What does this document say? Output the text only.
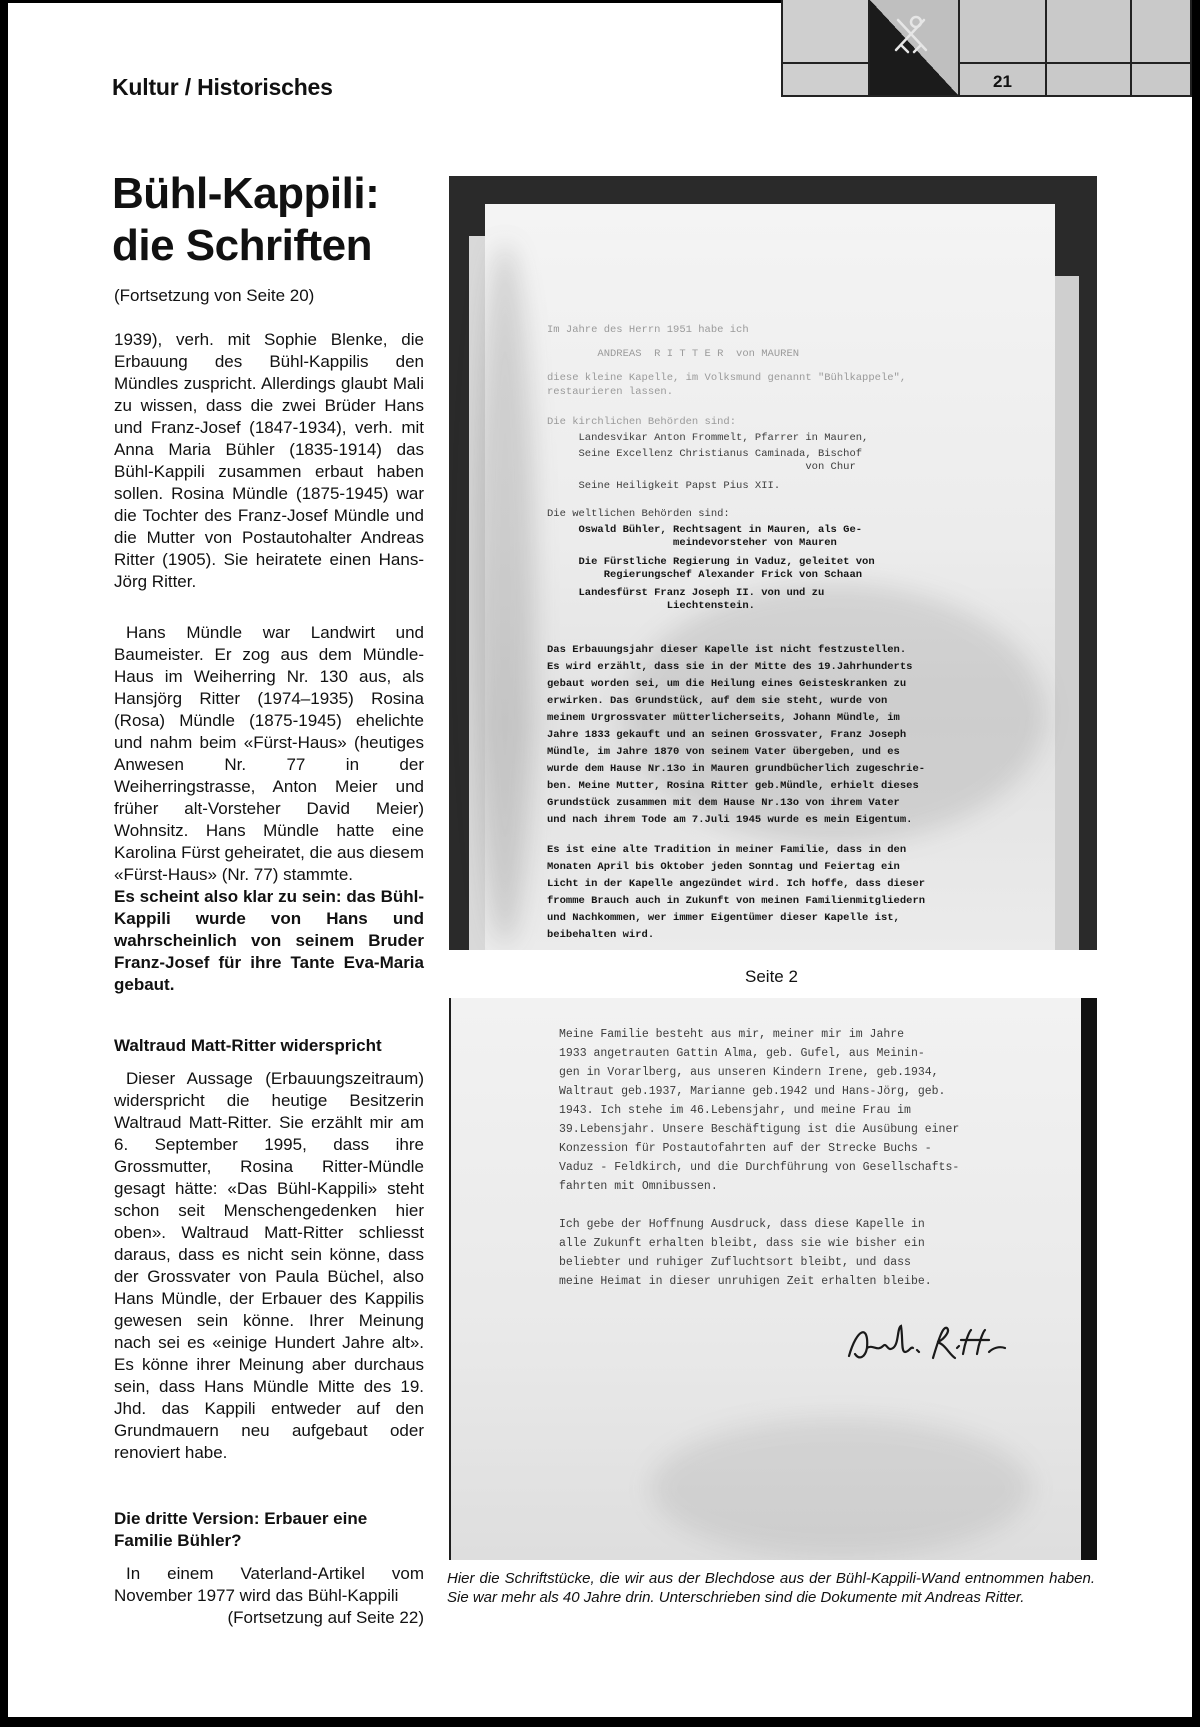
Kultur / Historisches	21
Bühl-Kappili:
die Schriften
(Fortsetzung von Seite 20)

1939), verh. mit Sophie Blenke, die Erbauung des Bühl-Kappilis den Mündles zuspricht. Allerdings glaubt Mali zu wissen, dass die zwei Brüder Hans und Franz-Josef (1847-1934), verh. mit Anna Maria Bühler (1835-1914) das Bühl-Kappili zusammen erbaut haben sollen. Rosina Mündle (1875-1945) war die Tochter des Franz-Josef Mündle und die Mutter von Postautohalter Andreas Ritter (1905). Sie heiratete einen Hans-Jörg Ritter.

Hans Mündle war Landwirt und Baumeister. Er zog aus dem Mündle-Haus im Weiherring Nr. 130 aus, als Hansjörg Ritter (1974–1935) Rosina (Rosa) Mündle (1875-1945) ehelichte und nahm beim «Fürst-Haus» (heutiges Anwesen Nr. 77 in der Weiherringstrasse, Anton Meier und früher alt-Vorsteher David Meier) Wohnsitz. Hans Mündle hatte eine Karolina Fürst geheiratet, die aus diesem «Fürst-Haus» (Nr. 77) stammte.

Es scheint also klar zu sein: das Bühl-Kappili wurde von Hans und wahrscheinlich von seinem Bruder Franz-Josef für ihre Tante Eva-Maria gebaut.

Waltraud Matt-Ritter widerspricht

Dieser Aussage (Erbauungszeitraum) widerspricht die heutige Besitzerin Waltraud Matt-Ritter. Sie erzählt mir am 6. September 1995, dass ihre Grossmutter, Rosina Ritter-Mündle gesagt hätte: «Das Bühl-Kappili» steht schon seit Menschengedenken hier oben». Waltraud Matt-Ritter schliesst daraus, dass es nicht sein könne, dass der Grossvater von Paula Büchel, also Hans Mündle, der Erbauer des Kappilis gewesen sein könne. Ihrer Meinung nach sei es «einige Hundert Jahre alt». Es könne ihrer Meinung aber durchaus sein, dass Hans Mündle Mitte des 19. Jhd. das Kappili entweder auf den Grundmauern neu aufgebaut oder renoviert habe.

Die dritte Version: Erbauer eine Familie Bühler?

In einem Vaterland-Artikel vom November 1977 wird das Bühl-Kappili

(Fortsetzung auf Seite 22)

Im Jahre des Herrn 1951 habe ich
ANDREAS  R I T T E R  von MAUREN
diese kleine Kapelle, im Volksmund genannt "Bühlkappele",
restaurieren lassen.
Die kirchlichen Behörden sind:
Landesvikar Anton Frommelt, Pfarrer in Mauren,
Seine Excellenz Christianus Caminada, Bischof
von Chur
Seine Heiligkeit Papst Pius XII.
Die weltlichen Behörden sind:
Oswald Bühler, Rechtsagent in Mauren, als Ge-
meindevorsteher von Mauren
Die Fürstliche Regierung in Vaduz, geleitet von
Regierungschef Alexander Frick von Schaan
Landesfürst Franz Joseph II. von und zu
Liechtenstein.
Das Erbauungsjahr dieser Kapelle ist nicht festzustellen.
Es wird erzählt, dass sie in der Mitte des 19.Jahrhunderts
gebaut worden sei, um die Heilung eines Geisteskranken zu
erwirken. Das Grundstück, auf dem sie steht, wurde von
meinem Urgrossvater mütterlicherseits, Johann Mündle, im
Jahre 1833 gekauft und an seinen Grossvater, Franz Joseph
Mündle, im Jahre 1870 von seinem Vater übergeben, und es
wurde dem Hause Nr.13o in Mauren grundbücherlich zugeschrie-
ben. Meine Mutter, Rosina Ritter geb.Mündle, erhielt dieses
Grundstück zusammen mit dem Hause Nr.13o von ihrem Vater
und nach ihrem Tode am 7.Juli 1945 wurde es mein Eigentum.
Es ist eine alte Tradition in meiner Familie, dass in den
Monaten April bis Oktober jeden Sonntag und Feiertag ein
Licht in der Kapelle angezündet wird. Ich hoffe, dass dieser
fromme Brauch auch in Zukunft von meinen Familienmitgliedern
und Nachkommen, wer immer Eigentümer dieser Kapelle ist,
beibehalten wird.
Seite 2
Meine Familie besteht aus mir, meiner mir im Jahre
1933 angetrauten Gattin Alma, geb. Gufel, aus Meinin-
gen in Vorarlberg, aus unseren Kindern Irene, geb.1934,
Waltraut geb.1937, Marianne geb.1942 und Hans-Jörg, geb.
1943. Ich stehe im 46.Lebensjahr, und meine Frau im
39.Lebensjahr. Unsere Beschäftigung ist die Ausübung einer
Konzession für Postautofahrten auf der Strecke Buchs -
Vaduz - Feldkirch, und die Durchführung von Gesellschafts-
fahrten mit Omnibussen.
Ich gebe der Hoffnung Ausdruck, dass diese Kapelle in
alle Zukunft erhalten bleibt, dass sie wie bisher ein
beliebter und ruhiger Zufluchtsort bleibt, und dass
meine Heimat in dieser unruhigen Zeit erhalten bleibe.

Hier die Schriftstücke, die wir aus der Blechdose aus der Bühl-Kappili-Wand entnommen haben. Sie war mehr als 40 Jahre drin. Unterschrieben sind die Dokumente mit Andreas Ritter.
